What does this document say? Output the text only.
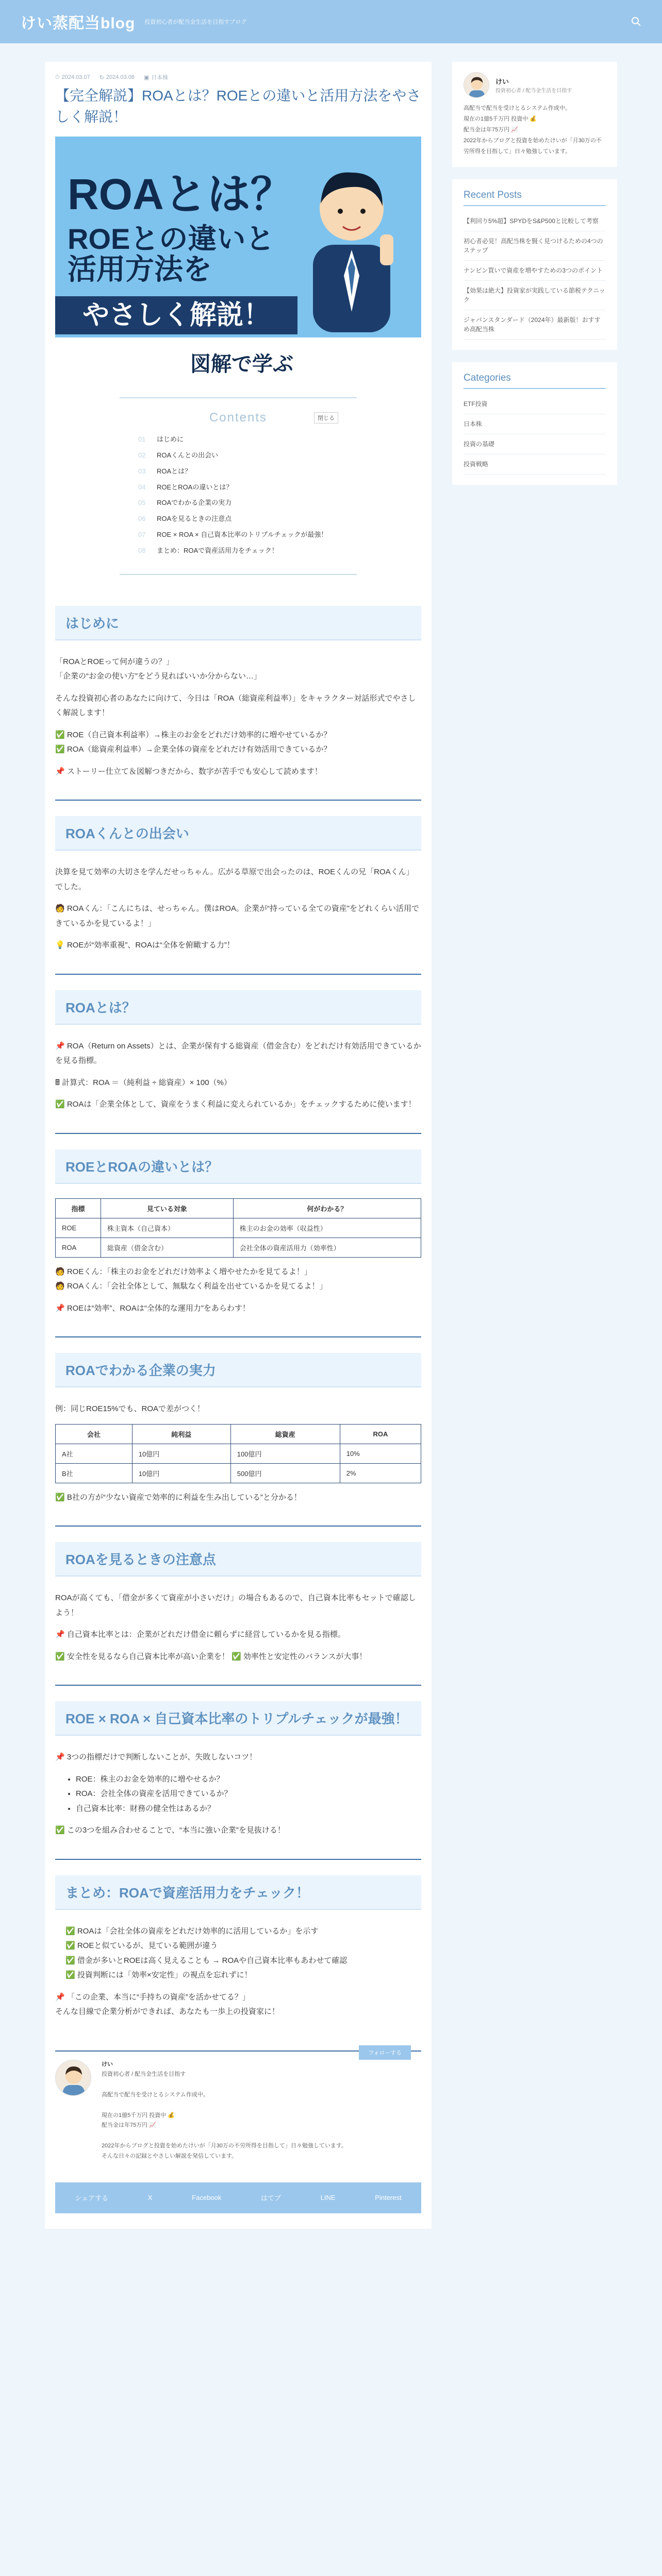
けい蒸配当blog 投資初心者が配当金生活を目指すブログ
⏱ 2024.03.07 ↻ 2024.03.08 ▣ 日本株
【完全解説】ROAとは？ROEとの違いと活用方法をやさしく解説！
ROAとは？
ROEとの違いと
活用方法を
やさしく解説！
図解で学ぶ
Contents	閉じる
01	はじめに
02	ROAくんとの出会い
03	ROAとは？
04	ROEとROAの違いとは？
05	ROAでわかる企業の実力
06	ROAを見るときの注意点
07	ROE × ROA × 自己資本比率のトリプルチェックが最強！
08	まとめ：ROAで資産活用力をチェック！
はじめに

「ROAとROEって何が違うの？」
「企業の“お金の使い方”をどう見ればいいか分からない…」

そんな投資初心者のあなたに向けて、今日は「ROA（総資産利益率）」をキャラクター対話形式でやさしく解説します！

✅ ROE（自己資本利益率）→株主のお金をどれだけ効率的に増やせているか？
✅ ROA（総資産利益率）→企業全体の資産をどれだけ有効活用できているか？

📌 ストーリー仕立て＆図解つきだから、数字が苦手でも安心して読めます！

ROAくんとの出会い

決算を見て効率の大切さを学んだせっちゃん。広がる草原で出会ったのは、ROEくんの兄「ROAくん」でした。

🧑 ROAくん：「こんにちは、せっちゃん。僕はROA。企業が“持っている全ての資産”をどれくらい活用できているかを見ているよ！」

💡 ROEが“効率重視”、ROAは“全体を俯瞰する力”！

ROAとは？

📌 ROA（Return on Assets）とは、企業が保有する総資産（借金含む）をどれだけ有効活用できているかを見る指標。

🖩 計算式：ROA ＝（純利益 ÷ 総資産）× 100（%）

✅ ROAは「企業全体として、資産をうまく利益に変えられているか」をチェックするために使います！

ROEとROAの違いとは？
指標	見ている対象	何がわかる？
ROE	株主資本（自己資本）	株主のお金の効率（収益性）
ROA	総資産（借金含む）	会社全体の資産活用力（効率性）

🧑 ROEくん：「株主のお金をどれだけ効率よく増やせたかを見てるよ！」
🧑 ROAくん：「会社全体として、無駄なく利益を出せているかを見てるよ！」

📌 ROEは“効率”、ROAは“全体的な運用力”をあらわす！

ROAでわかる企業の実力

例：同じROE15%でも、ROAで差がつく！

会社	純利益	総資産	ROA
A社	10億円	100億円	10%
B社	10億円	500億円	2%

✅ B社の方が“少ない資産で効率的に利益を生み出している”と分かる！

ROAを見るときの注意点

ROAが高くても、「借金が多くて資産が小さいだけ」の場合もあるので、自己資本比率もセットで確認しよう！

📌 自己資本比率とは：企業がどれだけ借金に頼らずに経営しているかを見る指標。

✅ 安全性を見るなら自己資本比率が高い企業を！ ✅ 効率性と安定性のバランスが大事！

ROE × ROA × 自己資本比率のトリプルチェックが最強！

📌 3つの指標だけで判断しないことが、失敗しないコツ！

• ROE：株主のお金を効率的に増やせるか？
• ROA：会社全体の資産を活用できているか？
• 自己資本比率：財務の健全性はあるか？

✅ この3つを組み合わせることで、“本当に強い企業”を見抜ける！

まとめ：ROAで資産活用力をチェック！
✅ ROAは「会社全体の資産をどれだけ効率的に活用しているか」を示す
✅ ROEと似ているが、見ている範囲が違う
✅ 借金が多いとROEは高く見えることも → ROAや自己資本比率もあわせて確認
✅ 投資判断には「効率×安定性」の視点を忘れずに！

📌 「この企業、本当に“手持ちの資産”を活かせてる？」
そんな目線で企業分析ができれば、あなたも一歩上の投資家に！

フォローする
けい
投資初心者 / 配当金生活を目指す

高配当で配当を受けとるシステム作成中。

現在の1億5千万円 投資中 💰
配当金は年75万円 📈

2022年からブログと投資を始めたけいが「月30万の不労所得を目指して」日々勉強しています。
そんな日々の記録とやさしい解説を発信しています。
シェアする	X	Facebook	はてブ	LINE	Pinterest
けい
投資初心者 / 配当金生活を目指す
高配当で配当を受けとるシステム作成中。
現在の1億5千万円 投資中 💰
配当金は年75万円 📈
2022年からブログと投資を始めたけいが「月30万の不労所得を目指して」日々勉強しています。
Recent Posts
【利回り5%超】SPYDをS&P500と比較して考察
初心者必見！高配当株を賢く見つけるための4つのステップ
ナンピン買いで資産を増やすための3つのポイント
【効果は絶大】投資家が実践している節税テクニック
ジャパンスタンダード（2024年）最新版！おすすめ高配当株
Categories
ETF投資
日本株
投資の基礎
投資戦略
